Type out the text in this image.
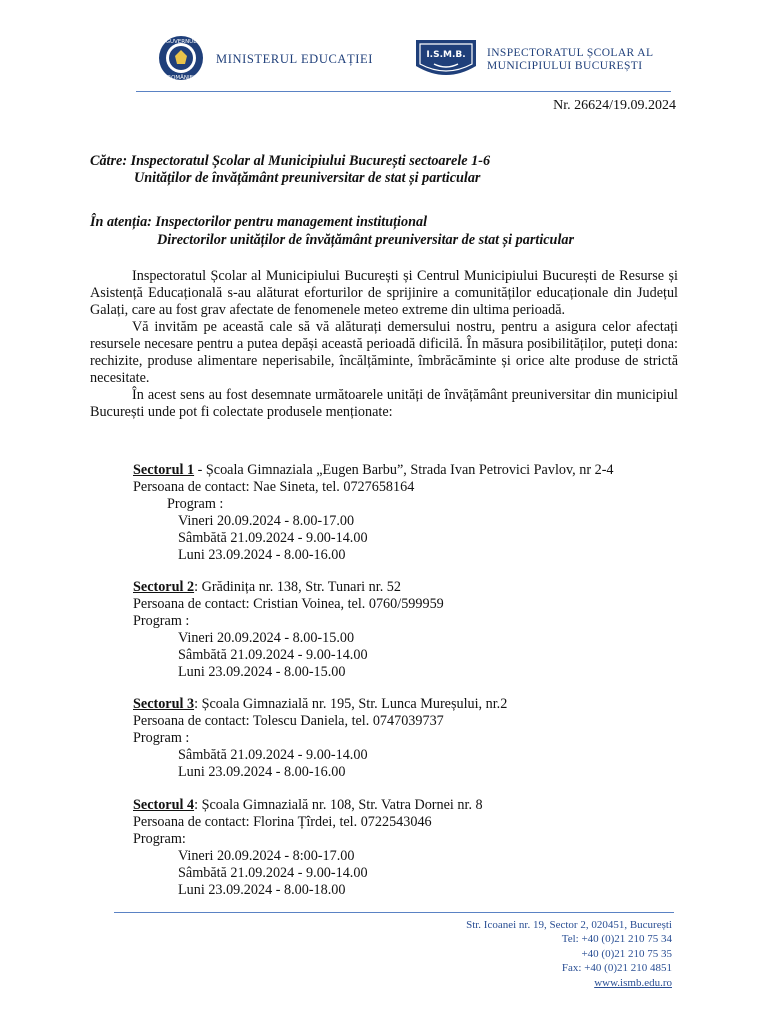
GUVERNUL
ROMÂNIEI
MINISTERUL EDUCAȚIEI	I.S.M.B. INSPECTORATUL ȘCOLAR AL
MUNICIPIULUI BUCUREȘTI
Nr. 26624/19.09.2024
Către: Inspectoratul Școlar al Municipiului București sectoarele 1-6
Unităților de învățământ preuniversitar de stat și particular
În atenția: Inspectorilor pentru management instituțional
Directorilor unităților de învățământ preuniversitar de stat și particular

Inspectoratul Școlar al Municipiului București și Centrul Municipiului București de Resurse și Asistență Educațională s-au alăturat eforturilor de sprijinire a comunităților educaționale din Județul Galați, care au fost grav afectate de fenomenele meteo extreme din ultima perioadă.

Vă invităm pe această cale să vă alăturați demersului nostru, pentru a asigura celor afectați resursele necesare pentru a putea depăși această perioadă dificilă. În măsura posibilităților, puteți dona: rechizite, produse alimentare neperisabile, încălțăminte, îmbrăcăminte și orice alte produse de strictă necesitate.

În acest sens au fost desemnate următoarele unități de învățământ preuniversitar din municipiul București unde pot fi colectate produsele menționate:

Sectorul 1 - Școala Gimnaziala „Eugen Barbu”, Strada Ivan Petrovici Pavlov, nr 2-4
Persoana de contact: Nae Sineta, tel. 0727658164
Program :
Vineri 20.09.2024 - 8.00-17.00
Sâmbătă 21.09.2024 - 9.00-14.00
Luni 23.09.2024 - 8.00-16.00
Sectorul 2: Grădinița nr. 138, Str. Tunari nr. 52
Persoana de contact: Cristian Voinea, tel. 0760/599959
Program :
Vineri 20.09.2024 - 8.00-15.00
Sâmbătă 21.09.2024 - 9.00-14.00
Luni 23.09.2024 - 8.00-15.00
Sectorul 3: Școala Gimnazială nr. 195, Str. Lunca Mureșului, nr.2
Persoana de contact: Tolescu Daniela, tel. 0747039737
Program :
Sâmbătă 21.09.2024 - 9.00-14.00
Luni 23.09.2024 - 8.00-16.00
Sectorul 4: Școala Gimnazială nr. 108, Str. Vatra Dornei nr. 8
Persoana de contact: Florina Țîrdei, tel. 0722543046
Program:
Vineri 20.09.2024 - 8:00-17.00
Sâmbătă 21.09.2024 - 9.00-14.00
Luni 23.09.2024 - 8.00-18.00
Str. Icoanei nr. 19, Sector 2, 020451, București
Tel: +40 (0)21 210 75 34
+40 (0)21 210 75 35
Fax: +40 (0)21 210 4851
www.ismb.edu.ro
